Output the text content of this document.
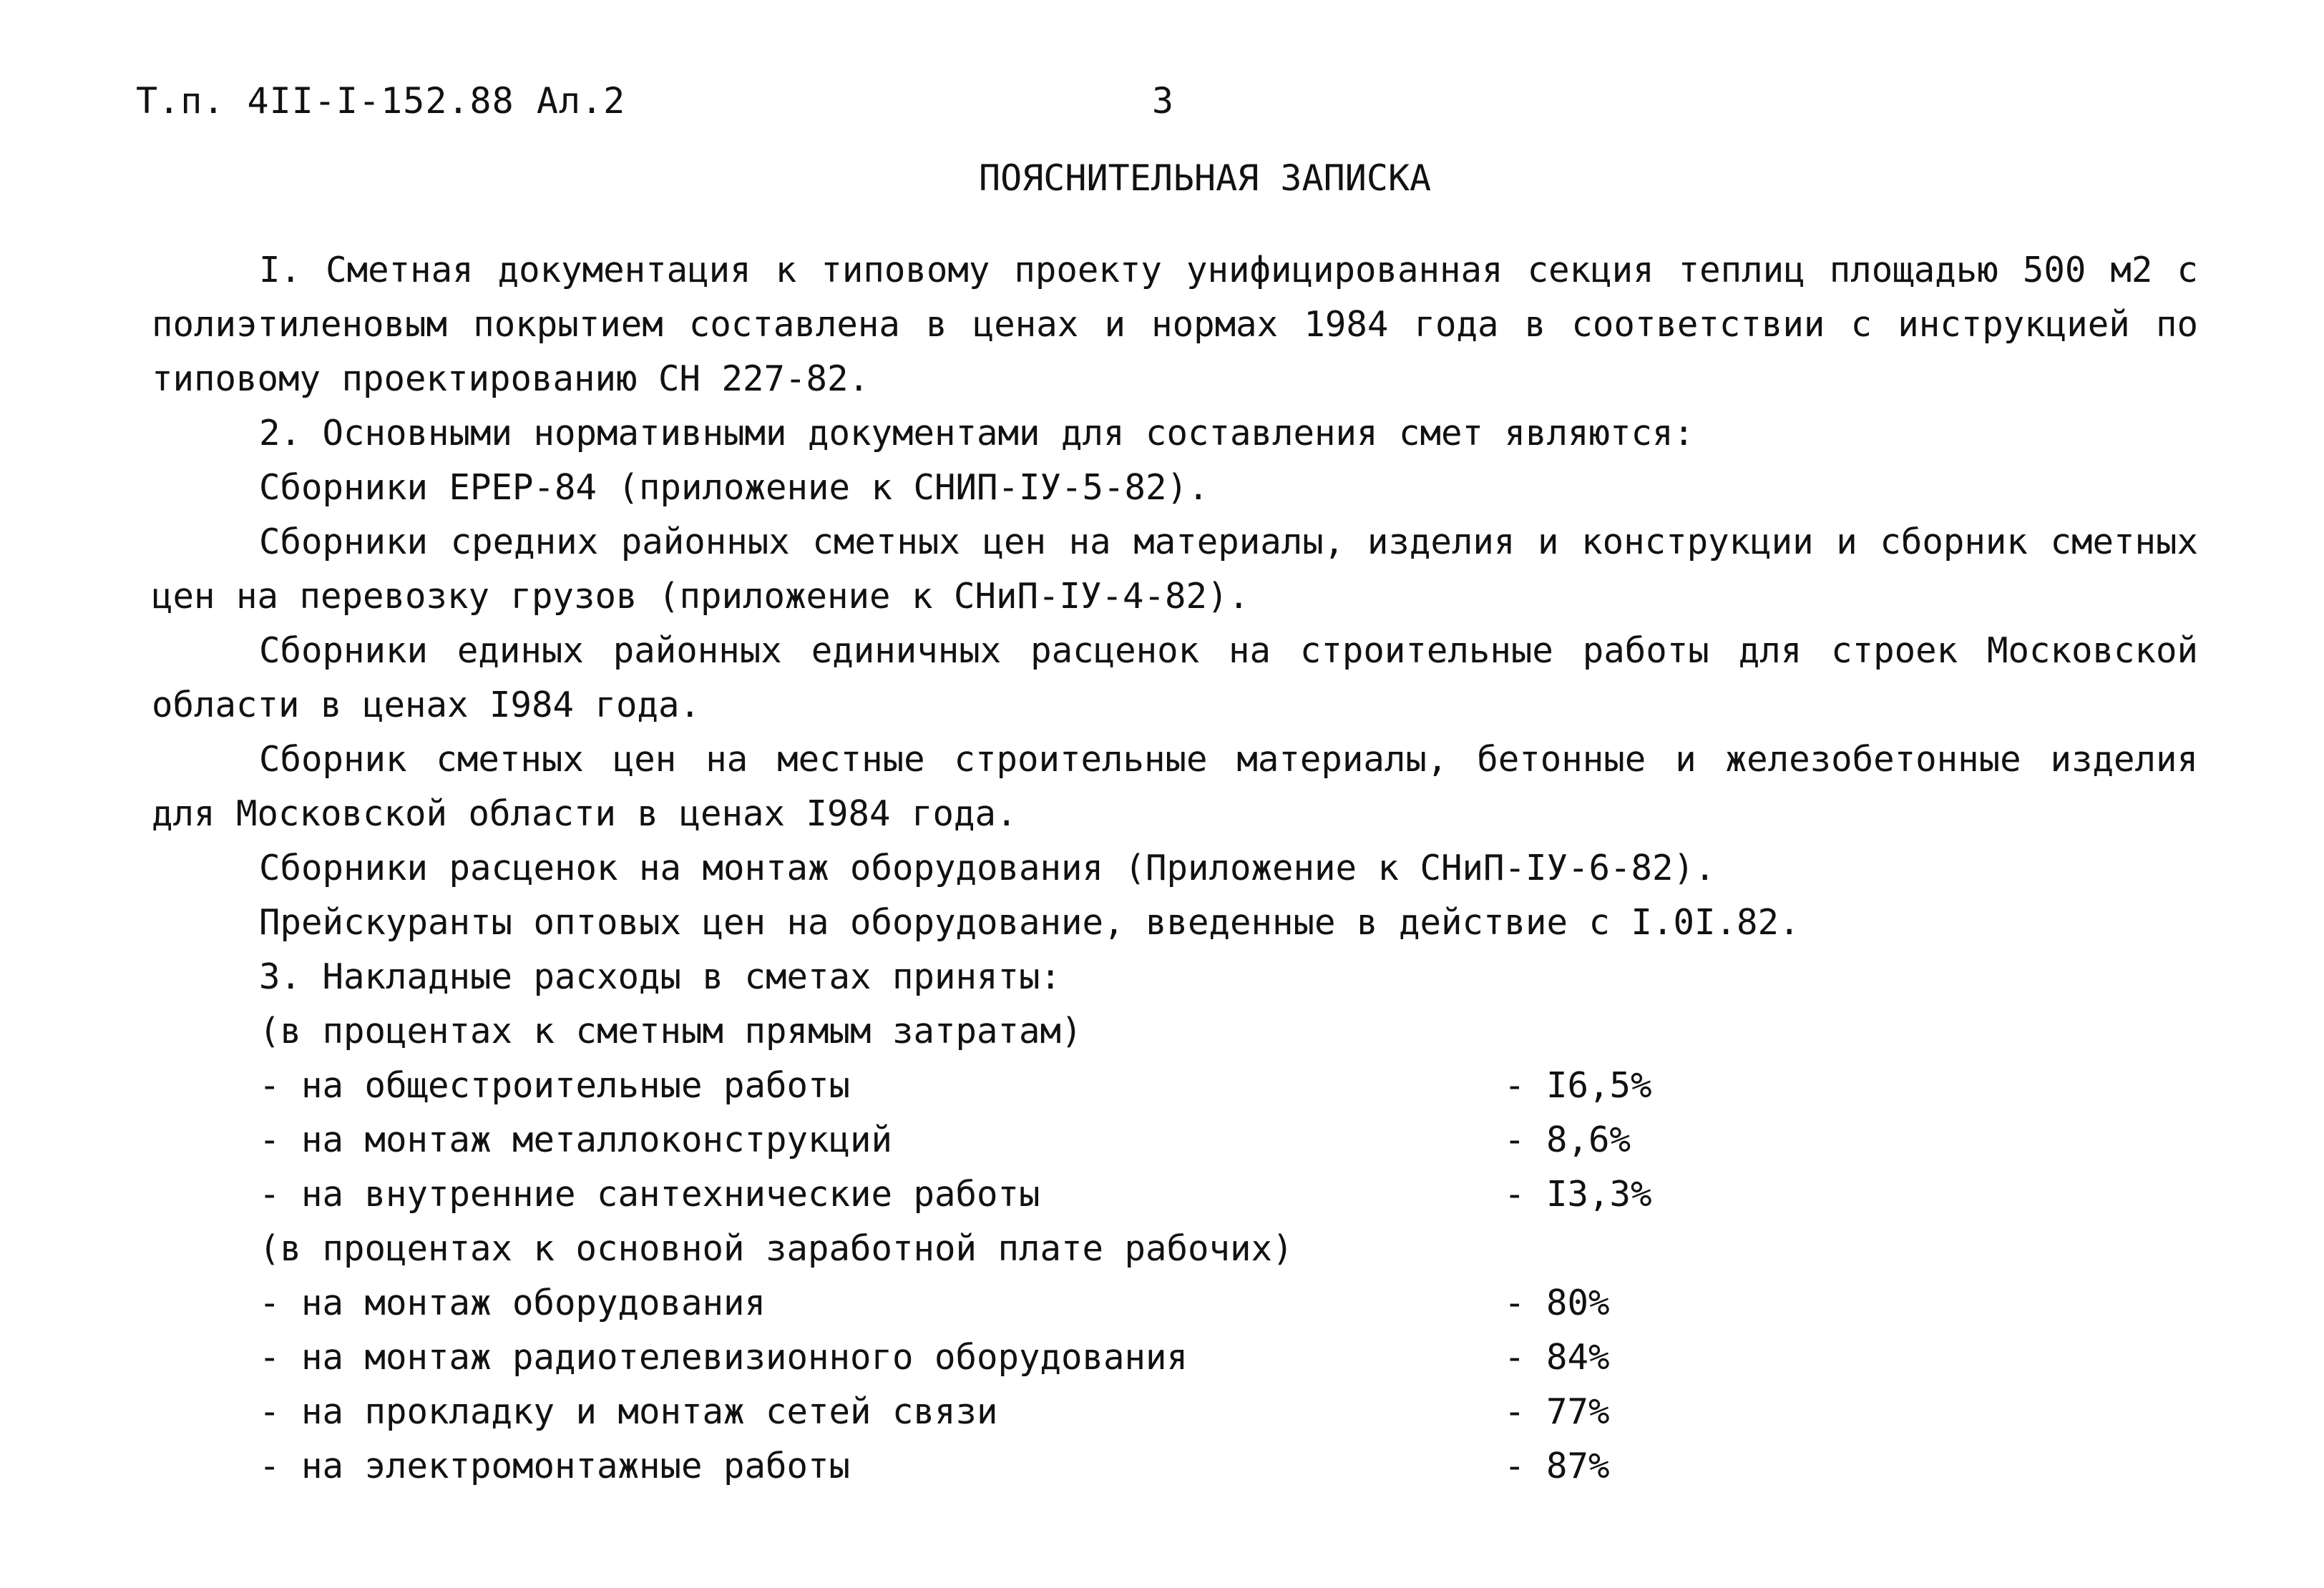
Т.п. 4II-I-152.88 Ал.2	3
ПОЯСНИТЕЛЬНАЯ ЗАПИСКА

I. Сметная документация к типовому проекту унифицированная секция теплиц площадью 500 м2 с полиэтиленовым покрытием составлена в ценах и нормах 1984 года в соответствии с инструкцией по типовому проектированию СН 227-82.

2. Основными нормативными документами для составления смет являются:

Сборники ЕРЕР-84 (приложение к СНИП-IУ-5-82).

Сборники средних районных сметных цен на материалы, изделия и конструкции и сборник сметных цен на перевозку грузов (приложение к СНиП-IУ-4-82).

Сборники единых районных единичных расценок на строительные работы для строек Московской области в ценах I984 года.

Сборник сметных цен на местные строительные материалы, бетонные и железобетонные изделия для Московской области в ценах I984 года.

Сборники расценок на монтаж оборудования (Приложение к СНиП-IУ-6-82).

Прейскуранты оптовых цен на оборудование, введенные в действие с I.0I.82.

3. Накладные расходы в сметах приняты:

(в процентах к сметным прямым затратам)

- на общестроительные работы	- I6,5%
- на монтаж металлоконструкций	- 8,6%
- на внутренние сантехнические работы	- I3,3%

(в процентах к основной заработной плате рабочих)

- на монтаж оборудования	- 80%
- на монтаж радиотелевизионного оборудования	- 84%
- на прокладку и монтаж сетей связи	- 77%
- на электромонтажные работы	- 87%
